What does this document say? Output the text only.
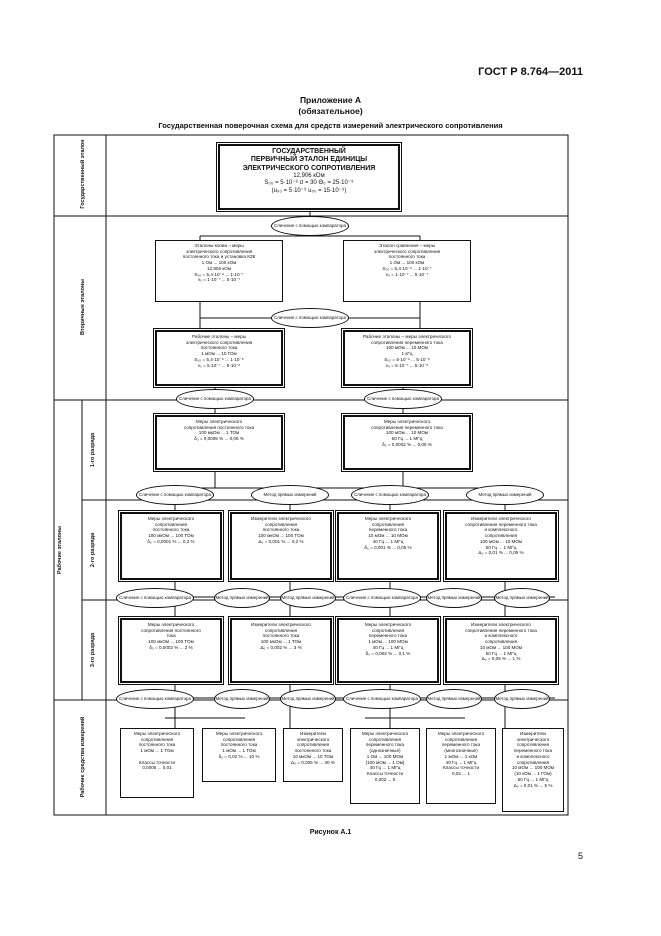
ГОСТ Р 8.764—2011
Приложение А
(обязательное)
Государственная поверочная схема для средств измерений электрического сопротивления
Государственный эталон
Вторичные эталоны
Рабочие эталоны
1-го разряда
2-го разряда
3-го разряда
Рабочие средства измерений
ГОСУДАРСТВЕННЫЙ
ПЕРВИЧНЫЙ ЭТАЛОН ЕДИНИЦЫ
ЭЛЕКТРИЧЕСКОГО СОПРОТИВЛЕНИЯ
12,906 кОм
S₀₀ = 5·10⁻⁸ σ = 30 Θ₀ = 25·10⁻⁹
(u₀₀ = 5·10⁻⁹ u₀₀ = 15·10⁻⁹)
Сличение с помощью компаратора
Эталоны-копии – меры
электрического сопротивления
постоянного тока и установка КЗК
1 Ом ... 100 кОм
12,906 кОм
S₀₀ = 5,4·10⁻⁹ ... 1·10⁻⁷
ν₀ = 1·10⁻⁷ ... 5·10⁻⁷
Эталон сравнения – меры
электрического сопротивления
постоянного тока
1 Ом ... 100 кОм
S₀₀ = 5,4·10⁻⁹ ... 1·10⁻⁷
ν₀ = 1·10⁻⁷ ... 5·10⁻⁷
Сличение с помощью компаратора
Рабочие эталоны – меры
электрического сопротивления
постоянного тока
1 мОм ... 10 ГОм
S₀₀ = 5,4·10⁻⁹ ... 1·10⁻⁶
ν₀ = 5·10⁻⁷ ... 5·10⁻⁶
Рабочие эталоны – меры электрического
сопротивления переменного тока
100 мОм ... 10 МОм
1 кГц
S₀₀ = 5·10⁻⁹ ... 5·10⁻⁶
ν₀ = 5·10⁻⁷ ... 5·10⁻⁶
Сличение с помощью компаратора	Сличение с помощью компаратора
Меры электрического
сопротивления постоянного тока
100 мкОм ... 1 ТОм
δ₀ = 0,0005 % ... 0,05 %
Меры электрического
сопротивления переменного тока
100 мОм ... 10 МОм
50 Гц ... 1 МГц
δ₀ = 0,0002 % ... 0,05 %
Сличение с помощью компаратора	Метод прямых измерений	Сличение с помощью компаратора	Метод прямых измерений
Меры электрического
сопротивления
постоянного тока
100 мкОм ... 100 ТОм
δ₀ = 0,0001 % ... 0,2 %
Измерители электрического
сопротивления
постоянного тока
100 мкОм ... 100 ТОм
Δ₀ = 0,001 % ... 0,2 %
Меры электрического
сопротивления
переменного тока
10 мОм ... 10 МОм
40 Гц ... 1 МГц
δ₀ = 0,001 % ... 0,05 %
Измерители электрического
сопротивления переменного тока
и комплексного
сопротивления
100 мОм ... 10 МОм
50 Гц ... 1 МГц
Δ₀ = 0,01 % ... 0,05 %
Сличение с помощью компаратора	Метод прямых измерений	Метод прямых измерений	Сличение с помощью компаратора	Метод прямых измерений	Метод прямых измерений
Меры электрического
сопротивления постоянного
тока
100 мкОм ... 100 ТОм
δ₀ = 0,0002 % ... 2 %
Измерители электрического
сопротивления
постоянного тока
100 мкОм ... 1 ТОм
Δ₀ = 0,002 % ... 3 %
Меры электрического
сопротивления
переменного тока
1 мОм ... 100 МОм
40 Гц ... 1 МГц
δ₀ = 0,002 % ... 0,1 %
Измерители электрического
сопротивления переменного тока
и комплексного
сопротивления
10 мОм ... 100 МОм
50 Гц ... 1 МГц
Δ₀ = 0,05 % ... 1 %
Сличение с помощью компаратора	Метод прямых измерений	Метод прямых измерений	Сличение с помощью компаратора	Метод прямых измерений	Метод прямых измерений
Меры электрического
сопротивления
постоянного тока
1 мОм ... 1 ТОм

Классы точности
0,0005 ... 0,01
Меры электрического
сопротивления
постоянного тока
1 мОм ... 1 ТОм
δ₀ = 0,02 % ... 10 %
Измерители
электрического
сопротивления
постоянного тока
10 мкОм ... 10 ТОм
Δ₀ = 0,005 % ... 30 %
Меры электрического
сопротивления
переменного тока
(однозначные)
1 Ом ... 100 МОм
(100 мОм ... 1 Ом)
40 Гц ... 1 МГц
Классы точности
0,002 ... 5
Меры электрического
сопротивления
переменного тока
(многозначные)
1 мОм ... 1 кОм
40 Гц ... 1 МГц
Классы точности
0,02 ... 1
Измерители
электрического
сопротивления
переменного тока
и комплексного
сопротивления
10 мОм ... 100 МОм
(10 кОм ... 1 ГОм)
50 Гц ... 1 МГц
Δ₀ = 0,01 % ... 5 %
Рисунок А.1
5
